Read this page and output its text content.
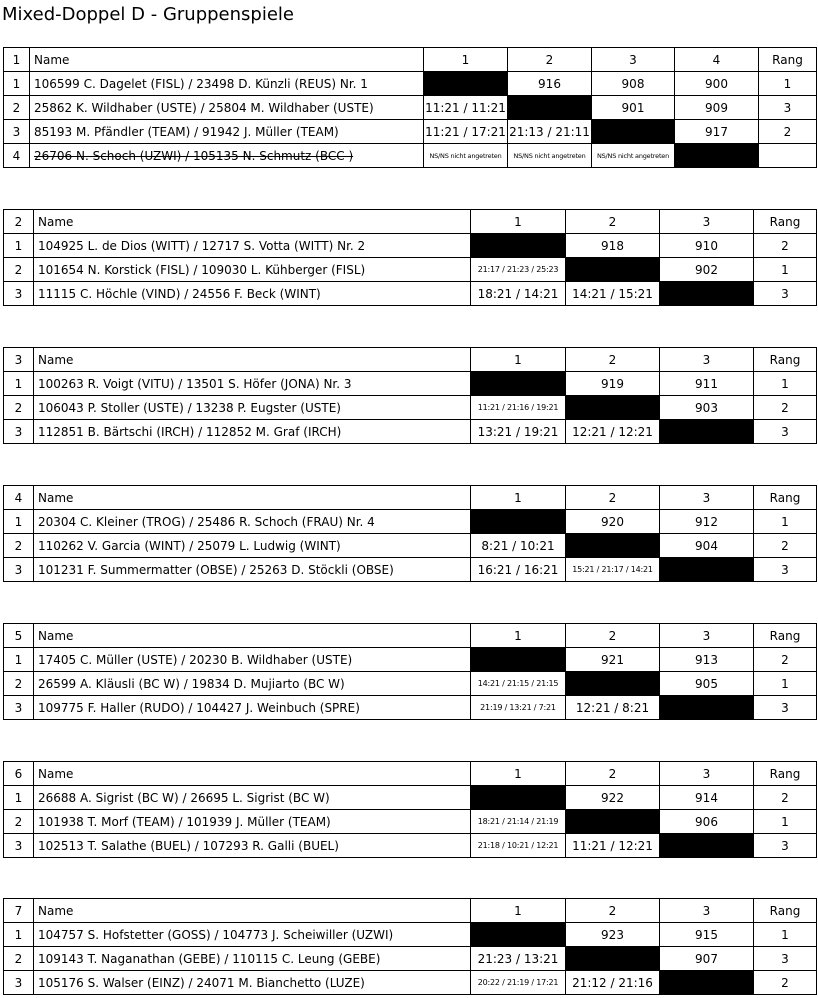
Mixed-Doppel D - Gruppenspiele
1	Name	1	2	3	4	Rang
1	106599 C. Dagelet (FISL) / 23498 D. Künzli (REUS) Nr. 1		916	908	900	1
2	25862 K. Wildhaber (USTE) / 25804 M. Wildhaber (USTE)	11:21 / 11:21		901	909	3
3	85193 M. Pfändler (TEAM) / 91942 J. Müller (TEAM)	11:21 / 17:21	21:13 / 21:11		917	2
4	26706 N. Schoch (UZWI) / 105135 N. Schmutz (BCC )	NS/NS nicht angetreten	NS/NS nicht angetreten	NS/NS nicht angetreten		
2	Name	1	2	3	Rang
1	104925 L. de Dios (WITT) / 12717 S. Votta (WITT) Nr. 2		918	910	2
2	101654 N. Korstick (FISL) / 109030 L. Kühberger (FISL)	21:17 / 21:23 / 25:23		902	1
3	11115 C. Höchle (VIND) / 24556 F. Beck (WINT)	18:21 / 14:21	14:21 / 15:21		3
3	Name	1	2	3	Rang
1	100263 R. Voigt (VITU) / 13501 S. Höfer (JONA) Nr. 3		919	911	1
2	106043 P. Stoller (USTE) / 13238 P. Eugster (USTE)	11:21 / 21:16 / 19:21		903	2
3	112851 B. Bärtschi (IRCH) / 112852 M. Graf (IRCH)	13:21 / 19:21	12:21 / 12:21		3
4	Name	1	2	3	Rang
1	20304 C. Kleiner (TROG) / 25486 R. Schoch (FRAU) Nr. 4		920	912	1
2	110262 V. Garcia (WINT) / 25079 L. Ludwig (WINT)	8:21 / 10:21		904	2
3	101231 F. Summermatter (OBSE) / 25263 D. Stöckli (OBSE)	16:21 / 16:21	15:21 / 21:17 / 14:21		3
5	Name	1	2	3	Rang
1	17405 C. Müller (USTE) / 20230 B. Wildhaber (USTE)		921	913	2
2	26599 A. Kläusli (BC W) / 19834 D. Mujiarto (BC W)	14:21 / 21:15 / 21:15		905	1
3	109775 F. Haller (RUDO) / 104427 J. Weinbuch (SPRE)	21:19 / 13:21 / 7:21	12:21 / 8:21		3
6	Name	1	2	3	Rang
1	26688 A. Sigrist (BC W) / 26695 L. Sigrist (BC W)		922	914	2
2	101938 T. Morf (TEAM) / 101939 J. Müller (TEAM)	18:21 / 21:14 / 21:19		906	1
3	102513 T. Salathe (BUEL) / 107293 R. Galli (BUEL)	21:18 / 10:21 / 12:21	11:21 / 12:21		3
7	Name	1	2	3	Rang
1	104757 S. Hofstetter (GOSS) / 104773 J. Scheiwiller (UZWI)		923	915	1
2	109143 T. Naganathan (GEBE) / 110115 C. Leung (GEBE)	21:23 / 13:21		907	3
3	105176 S. Walser (EINZ) / 24071 M. Bianchetto (LUZE)	20:22 / 21:19 / 17:21	21:12 / 21:16		2
